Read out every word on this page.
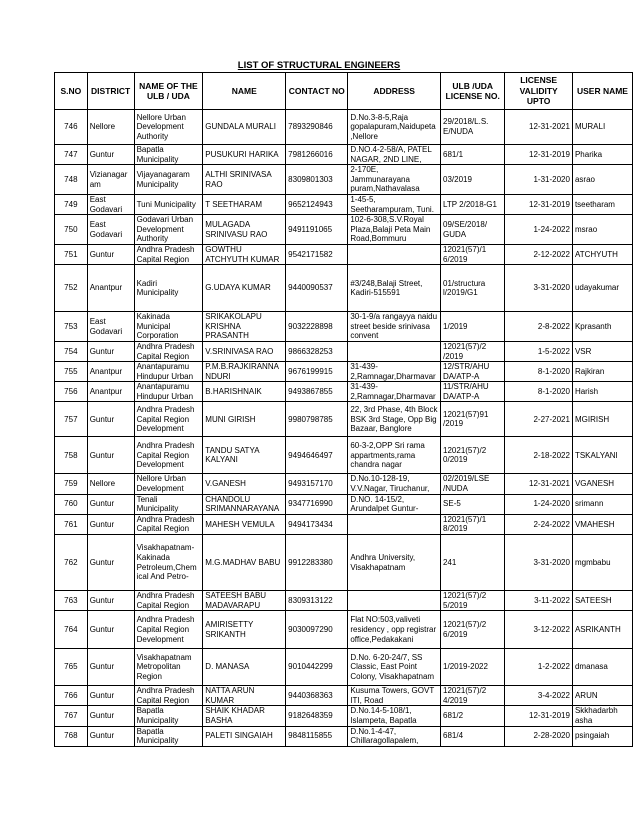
LIST OF STRUCTURAL ENGINEERS
S.NO	DISTRICT	NAME OF THE ULB / UDA	NAME	CONTACT NO	ADDRESS	ULB /UDA LICENSE NO.	LICENSE VALIDITY UPTO	USER NAME
746	Nellore	Nellore Urban Development Authority	GUNDALA MURALI	7893290846	D.No.3-8-5,Raja gopalapuram,Naidupeta ,Nellore	29/2018/L.S. E/NUDA	12-31-2021	MURALI
747	Guntur	Bapatla Municipality	PUSUKURI HARIKA	7981266016	D.NO.4-2-58/A, PATEL NAGAR, 2ND LINE,	681/1	12-31-2019	Pharika
748	Vizianagar am	Vijayanagaram Municipality	ALTHI SRINIVASA RAO	8309801303	2-170E, Jammunarayana puram,Nathavalasa	03/2019	1-31-2020	asrao
749	East Godavari	Tuni Municipality	T SEETHARAM	9652124943	1-45-5, Seetharampuram, Tuni.	LTP 2/2018-G1	12-31-2019	tseetharam
750	East Godavari	Godavari Urban Development Authority	MULAGADA SRINIVASU RAO	9491191065	102-6-308,S.V.Royal Plaza,Balaji Peta Main Road,Bommuru	09/SE/2018/ GUDA	1-24-2022	msrao
751	Guntur	Andhra Pradesh Capital Region	GOWTHU ATCHYUTH KUMAR	9542171582		12021(57)/1 6/2019	2-12-2022	ATCHYUTH
752	Anantpur	Kadiri Municipality	G.UDAYA KUMAR	9440090537	#3/248,Balaji Street, Kadiri-515591	01/structura l/2019/G1	3-31-2020	udayakumar
753	East Godavari	Kakinada Municipal Corporation	SRIKAKOLAPU KRISHNA PRASANTH	9032228898	30-1-9/a rangayya naidu street beside srinivasa convent	1/2019	2-8-2022	Kprasanth
754	Guntur	Andhra Pradesh Capital Region	V.SRINIVASA RAO	9866328253		12021(57)/2 /2019	1-5-2022	VSR
755	Anantpur	Anantapuramu Hindupur Urban	P.M.B.RAJKIRANNA NDURI	9676199915	31-439-2,Ramnagar,Dharmavar	12/STR/AHU DA/ATP-A	8-1-2020	Rajkiran
756	Anantpur	Anantapuramu Hindupur Urban	B.HARISHNAIK	9493867855	31-439-2,Ramnagar,Dharmavar	11/STR/AHU DA/ATP-A	8-1-2020	Harish
757	Guntur	Andhra Pradesh Capital Region Development	MUNI GIRISH	9980798785	22, 3rd Phase, 4th Block BSK 3rd Stage, Opp Big Bazaar, Banglore	12021(57)91 /2019	2-27-2021	MGIRISH
758	Guntur	Andhra Pradesh Capital Region Development	TANDU SATYA KALYANI	9494646497	60-3-2,OPP Sri rama appartments,rama chandra nagar	12021(57)/2 0/2019	2-18-2022	TSKALYANI
759	Nellore	Nellore Urban Development	V.GANESH	9493157170	D.No.10-128-19, V.V.Nagar, Tiruchanur,	02/2019/LSE /NUDA	12-31-2021	VGANESH
760	Guntur	Tenali Municipality	CHANDOLU SRIMANNARAYANA	9347716990	D.NO. 14-15/2, Arundalpet Guntur-	SE-5	1-24-2020	srimann
761	Guntur	Andhra Pradesh Capital Region	MAHESH VEMULA	9494173434		12021(57)/1 8/2019	2-24-2022	VMAHESH
762	Guntur	Visakhapatnam-Kakinada Petroleum,Chem ical And Petro-	M.G.MADHAV BABU	9912283380	Andhra University, Visakhapatnam	241	3-31-2020	mgmbabu
763	Guntur	Andhra Pradesh Capital Region	SATEESH BABU MADAVARAPU	8309313122		12021(57)/2 5/2019	3-11-2022	SATEESH
764	Guntur	Andhra Pradesh Capital Region Development	AMIRISETTY SRIKANTH	9030097290	Flat NO:503,valiveti residency , opp registrar office,Pedakakani	12021(57)/2 6/2019	3-12-2022	ASRIKANTH
765	Guntur	Visakhapatnam Metropolitan Region	D. MANASA	9010442299	D.No. 6-20-24/7, SS Classic, East Point Colony, Visakhapatnam	1/2019-2022	1-2-2022	dmanasa
766	Guntur	Andhra Pradesh Capital Region	NATTA ARUN KUMAR	9440368363	Kusuma Towers, GOVT ITI, Road	12021(57)/2 4/2019	3-4-2022	ARUN
767	Guntur	Bapatla Municipality	SHAIK KHADAR BASHA	9182648359	D.No.14-5-108/1, Islampeta, Bapatla	681/2	12-31-2019	Skkhadarbh asha
768	Guntur	Bapatla Municipality	PALETI SINGAIAH	9848115855	D.No.1-4-47, Chillaragollapalem,	681/4	2-28-2020	psingaiah
